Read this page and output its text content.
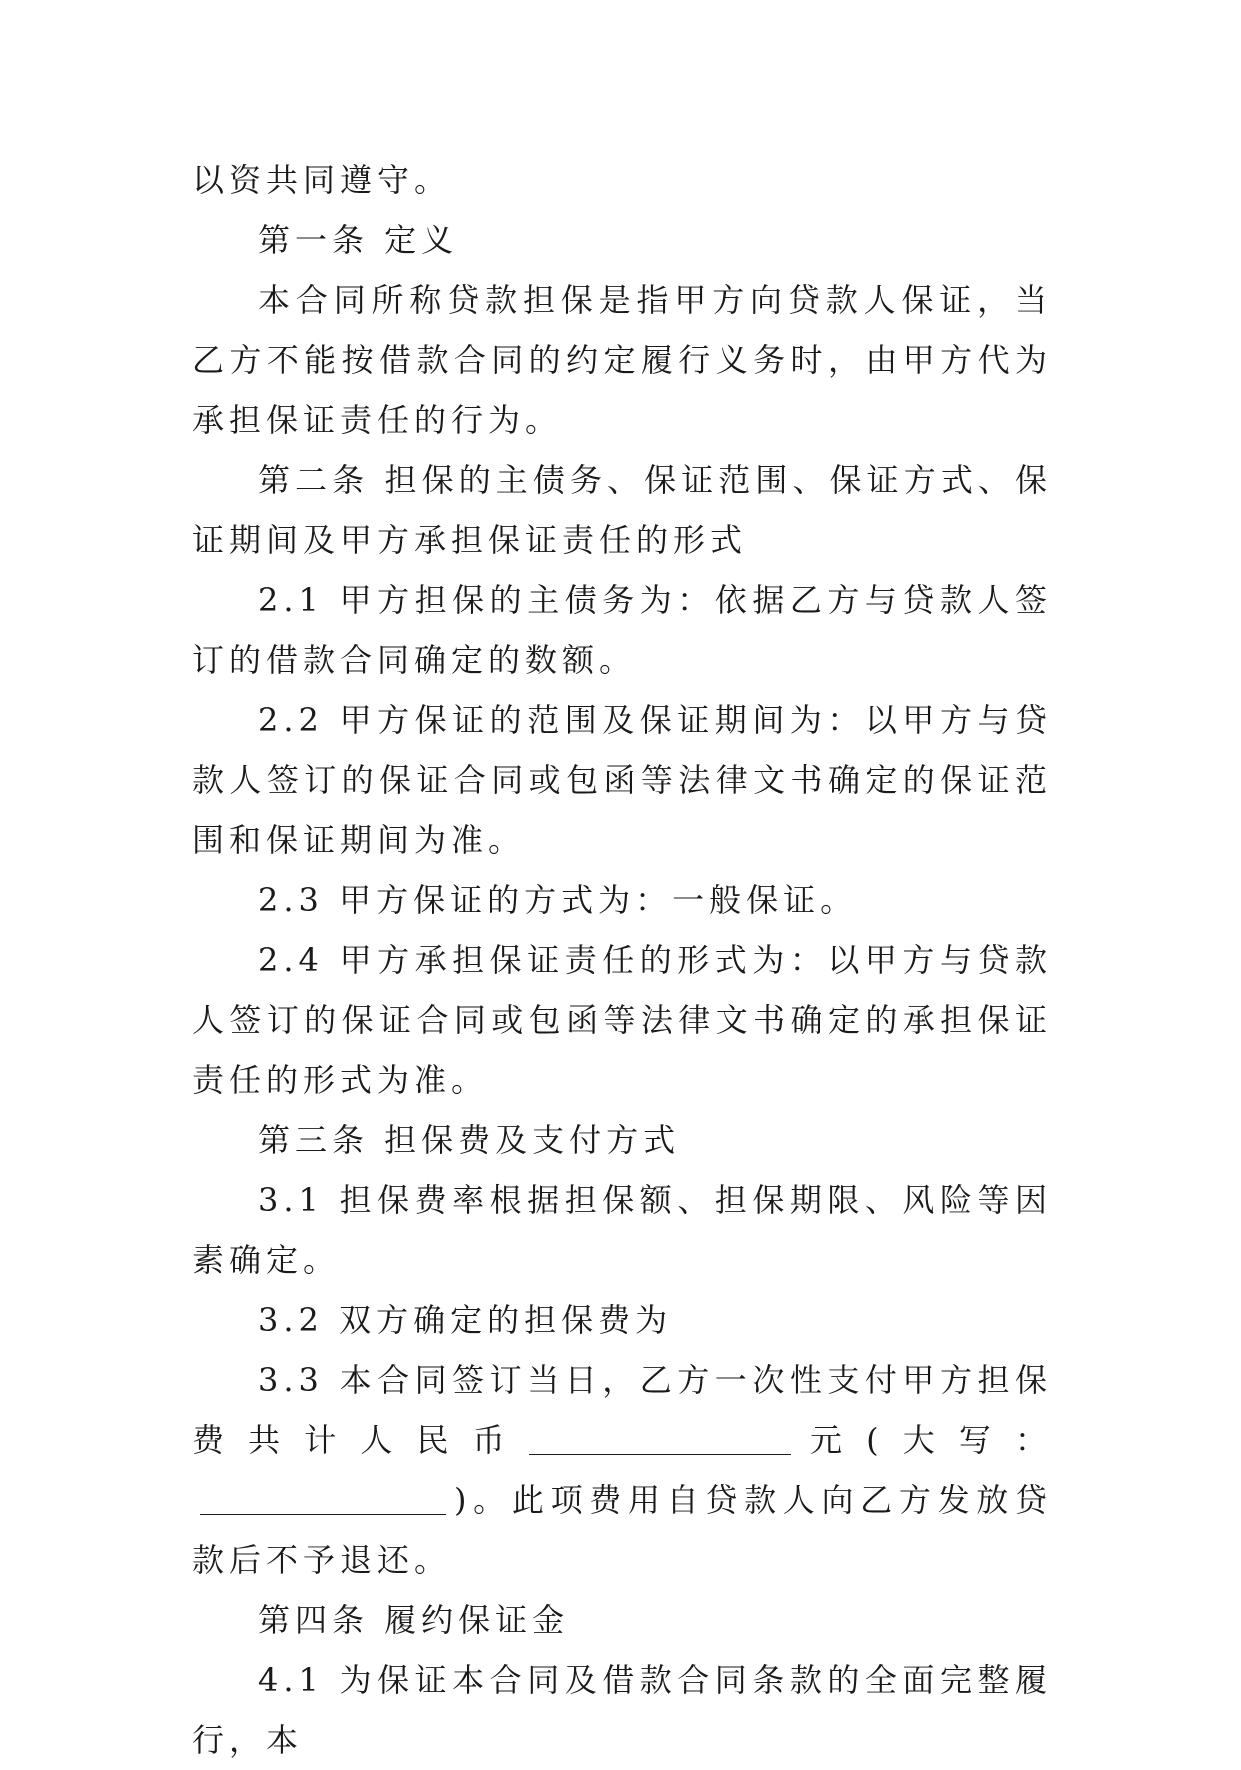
以资共同遵守。

第一条 定义

本合同所称贷款担保是指甲方向贷款人保证，当乙方不能按借款合同的约定履行义务时，由甲方代为承担保证责任的行为。

第二条 担保的主债务、保证范围、保证方式、保证期间及甲方承担保证责任的形式

2.1 甲方担保的主债务为：依据乙方与贷款人签订的借款合同确定的数额。

2.2 甲方保证的范围及保证期间为：以甲方与贷款人签订的保证合同或包函等法律文书确定的保证范围和保证期间为准。

2.3 甲方保证的方式为：一般保证。

2.4 甲方承担保证责任的形式为：以甲方与贷款人签订的保证合同或包函等法律文书确定的承担保证责任的形式为准。

第三条 担保费及支付方式

3.1 担保费率根据担保额、担保期限、风险等因素确定。

3.2 双方确定的担保费为

3.3 本合同签订当日，乙方一次性支付甲方担保费共计人民币	元(大写：)。此项费用自贷款人向乙方发放贷款后不予退还。

第四条 履约保证金

4.1 为保证本合同及借款合同条款的全面完整履行，本
